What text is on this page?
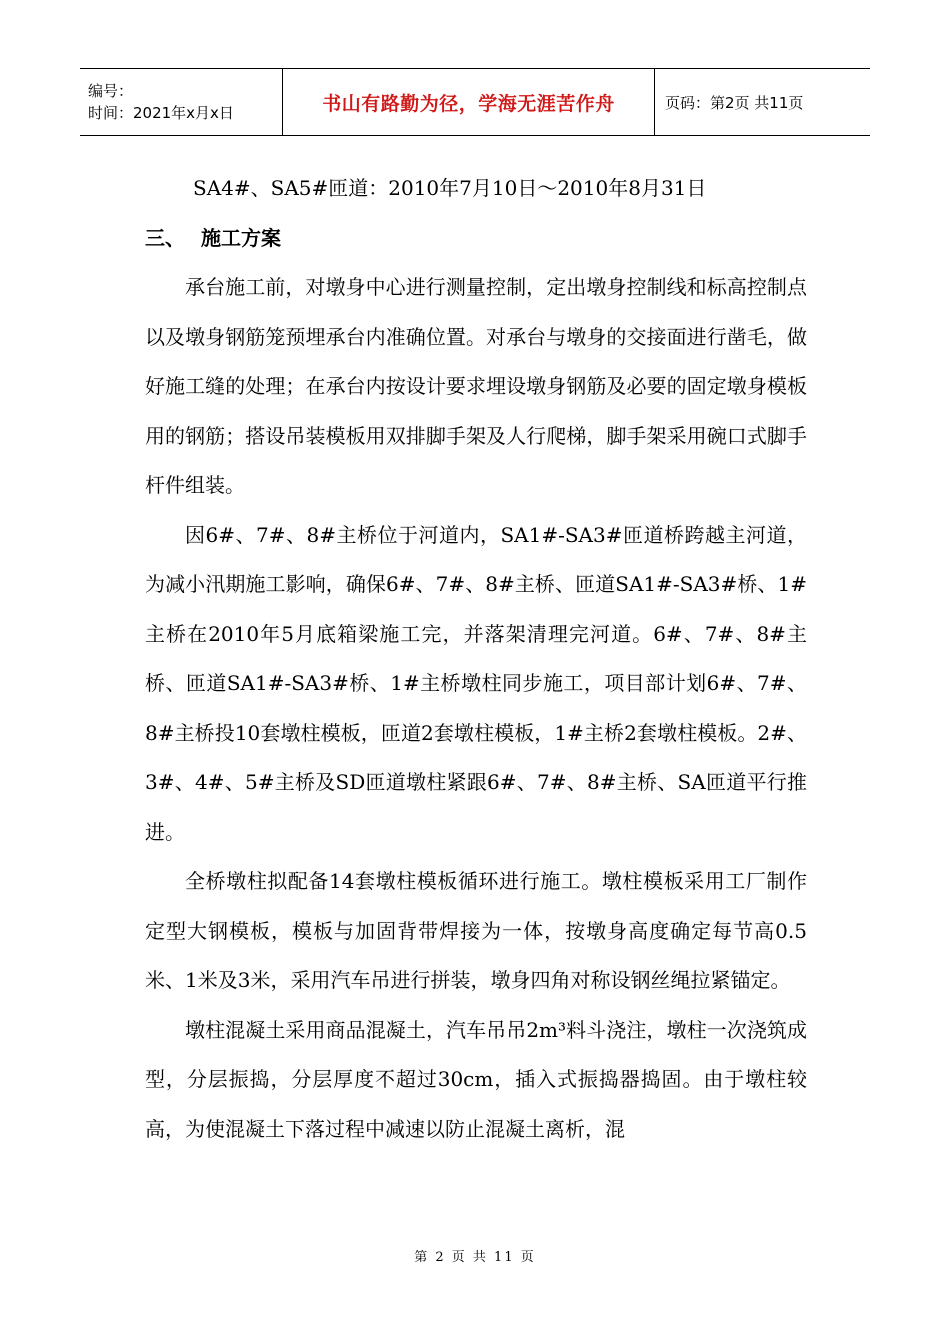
编号：
时间：2021年x月x日	书山有路勤为径，学海无涯苦作舟	页码：第2页 共11页

SA4#、SA5#匝道：2010年7月10日～2010年8月31日

三、 施工方案

承台施工前，对墩身中心进行测量控制，定出墩身控制线和标高控制点以及墩身钢筋笼预埋承台内准确位置。对承台与墩身的交接面进行凿毛，做好施工缝的处理；在承台内按设计要求埋设墩身钢筋及必要的固定墩身模板用的钢筋；搭设吊装模板用双排脚手架及人行爬梯，脚手架采用碗口式脚手杆件组装。

因6#、7#、8#主桥位于河道内，SA1#-SA3#匝道桥跨越主河道，为减小汛期施工影响，确保6#、7#、8#主桥、匝道SA1#-SA3#桥、1#主桥在2010年5月底箱梁施工完，并落架清理完河道。6#、7#、8#主桥、匝道SA1#-SA3#桥、1#主桥墩柱同步施工，项目部计划6#、7#、8#主桥投10套墩柱模板，匝道2套墩柱模板，1#主桥2套墩柱模板。2#、3#、4#、5#主桥及SD匝道墩柱紧跟6#、7#、8#主桥、SA匝道平行推进。

全桥墩柱拟配备14套墩柱模板循环进行施工。墩柱模板采用工厂制作定型大钢模板，模板与加固背带焊接为一体，按墩身高度确定每节高0.5米、1米及3米，采用汽车吊进行拼装，墩身四角对称设钢丝绳拉紧锚定。

墩柱混凝土采用商品混凝土，汽车吊吊2m³料斗浇注，墩柱一次浇筑成型，分层振捣，分层厚度不超过30cm，插入式振捣器捣固。由于墩柱较高，为使混凝土下落过程中减速以防止混凝土离析，混

第 2 页 共 11 页
